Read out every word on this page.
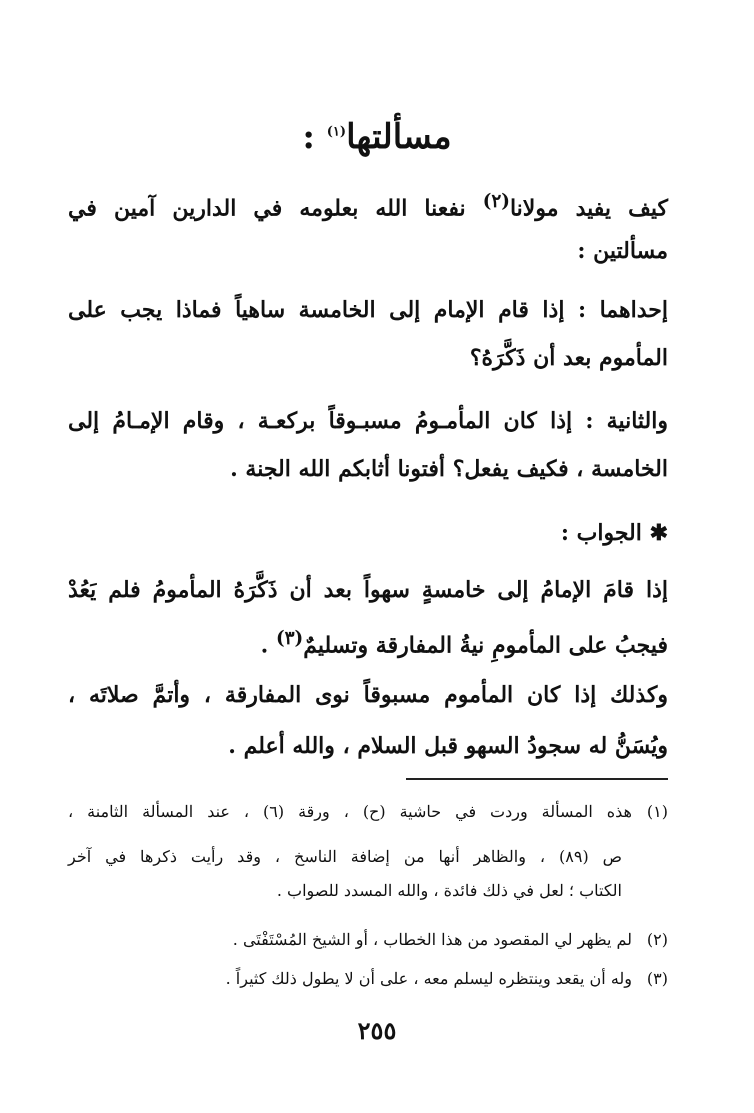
مسألتها$^{(١)}$ :
كيف يفيد مولانا$^{(٢)}$ نفعنا الله بعلومه في الدارين آمين في
مسألتين :
إحداهما : إذا قام الإمام إلى الخامسة ساهياً فماذا يجب على
المأموم بعد أن ذَكَّرَهُ؟
والثانية : إذا كان المأمـومُ مسبـوقاً بركعـة ، وقام الإمـامُ إلى
الخامسة ، فكيف يفعل؟ أفتونا أثابكم الله الجنة .
✱ الجواب :
إذا قامَ الإمامُ إلى خامسةٍ سهواً بعد أن ذَكَّرَهُ المأمومُ فلم يَعُدْ
فيجبُ على المأمومِ نيةُ المفارقة وتسليمٌ$^{(٣)}$ .
وكذلك إذا كان المأموم مسبوقاً نوى المفارقة ، وأتمَّ صلاتَه ،
ويُسَنُّ له سجودُ السهو قبل السلام ، والله أعلم .
(١)هذه المسألة وردت في حاشية (ح) ، ورقة (٦) ، عند المسألة الثامنة ،
ص (٨٩) ، والظاهر أنها من إضافة الناسخ ، وقد رأيت ذكرها في آخر
الكتاب ؛ لعل في ذلك فائدة ، والله المسدد للصواب .
(٢)لم يظهر لي المقصود من هذا الخطاب ، أو الشيخ المُسْتَفْتَى .
(٣)وله أن يقعد وينتظره ليسلم معه ، على أن لا يطول ذلك كثيراً .
٢٥٥
